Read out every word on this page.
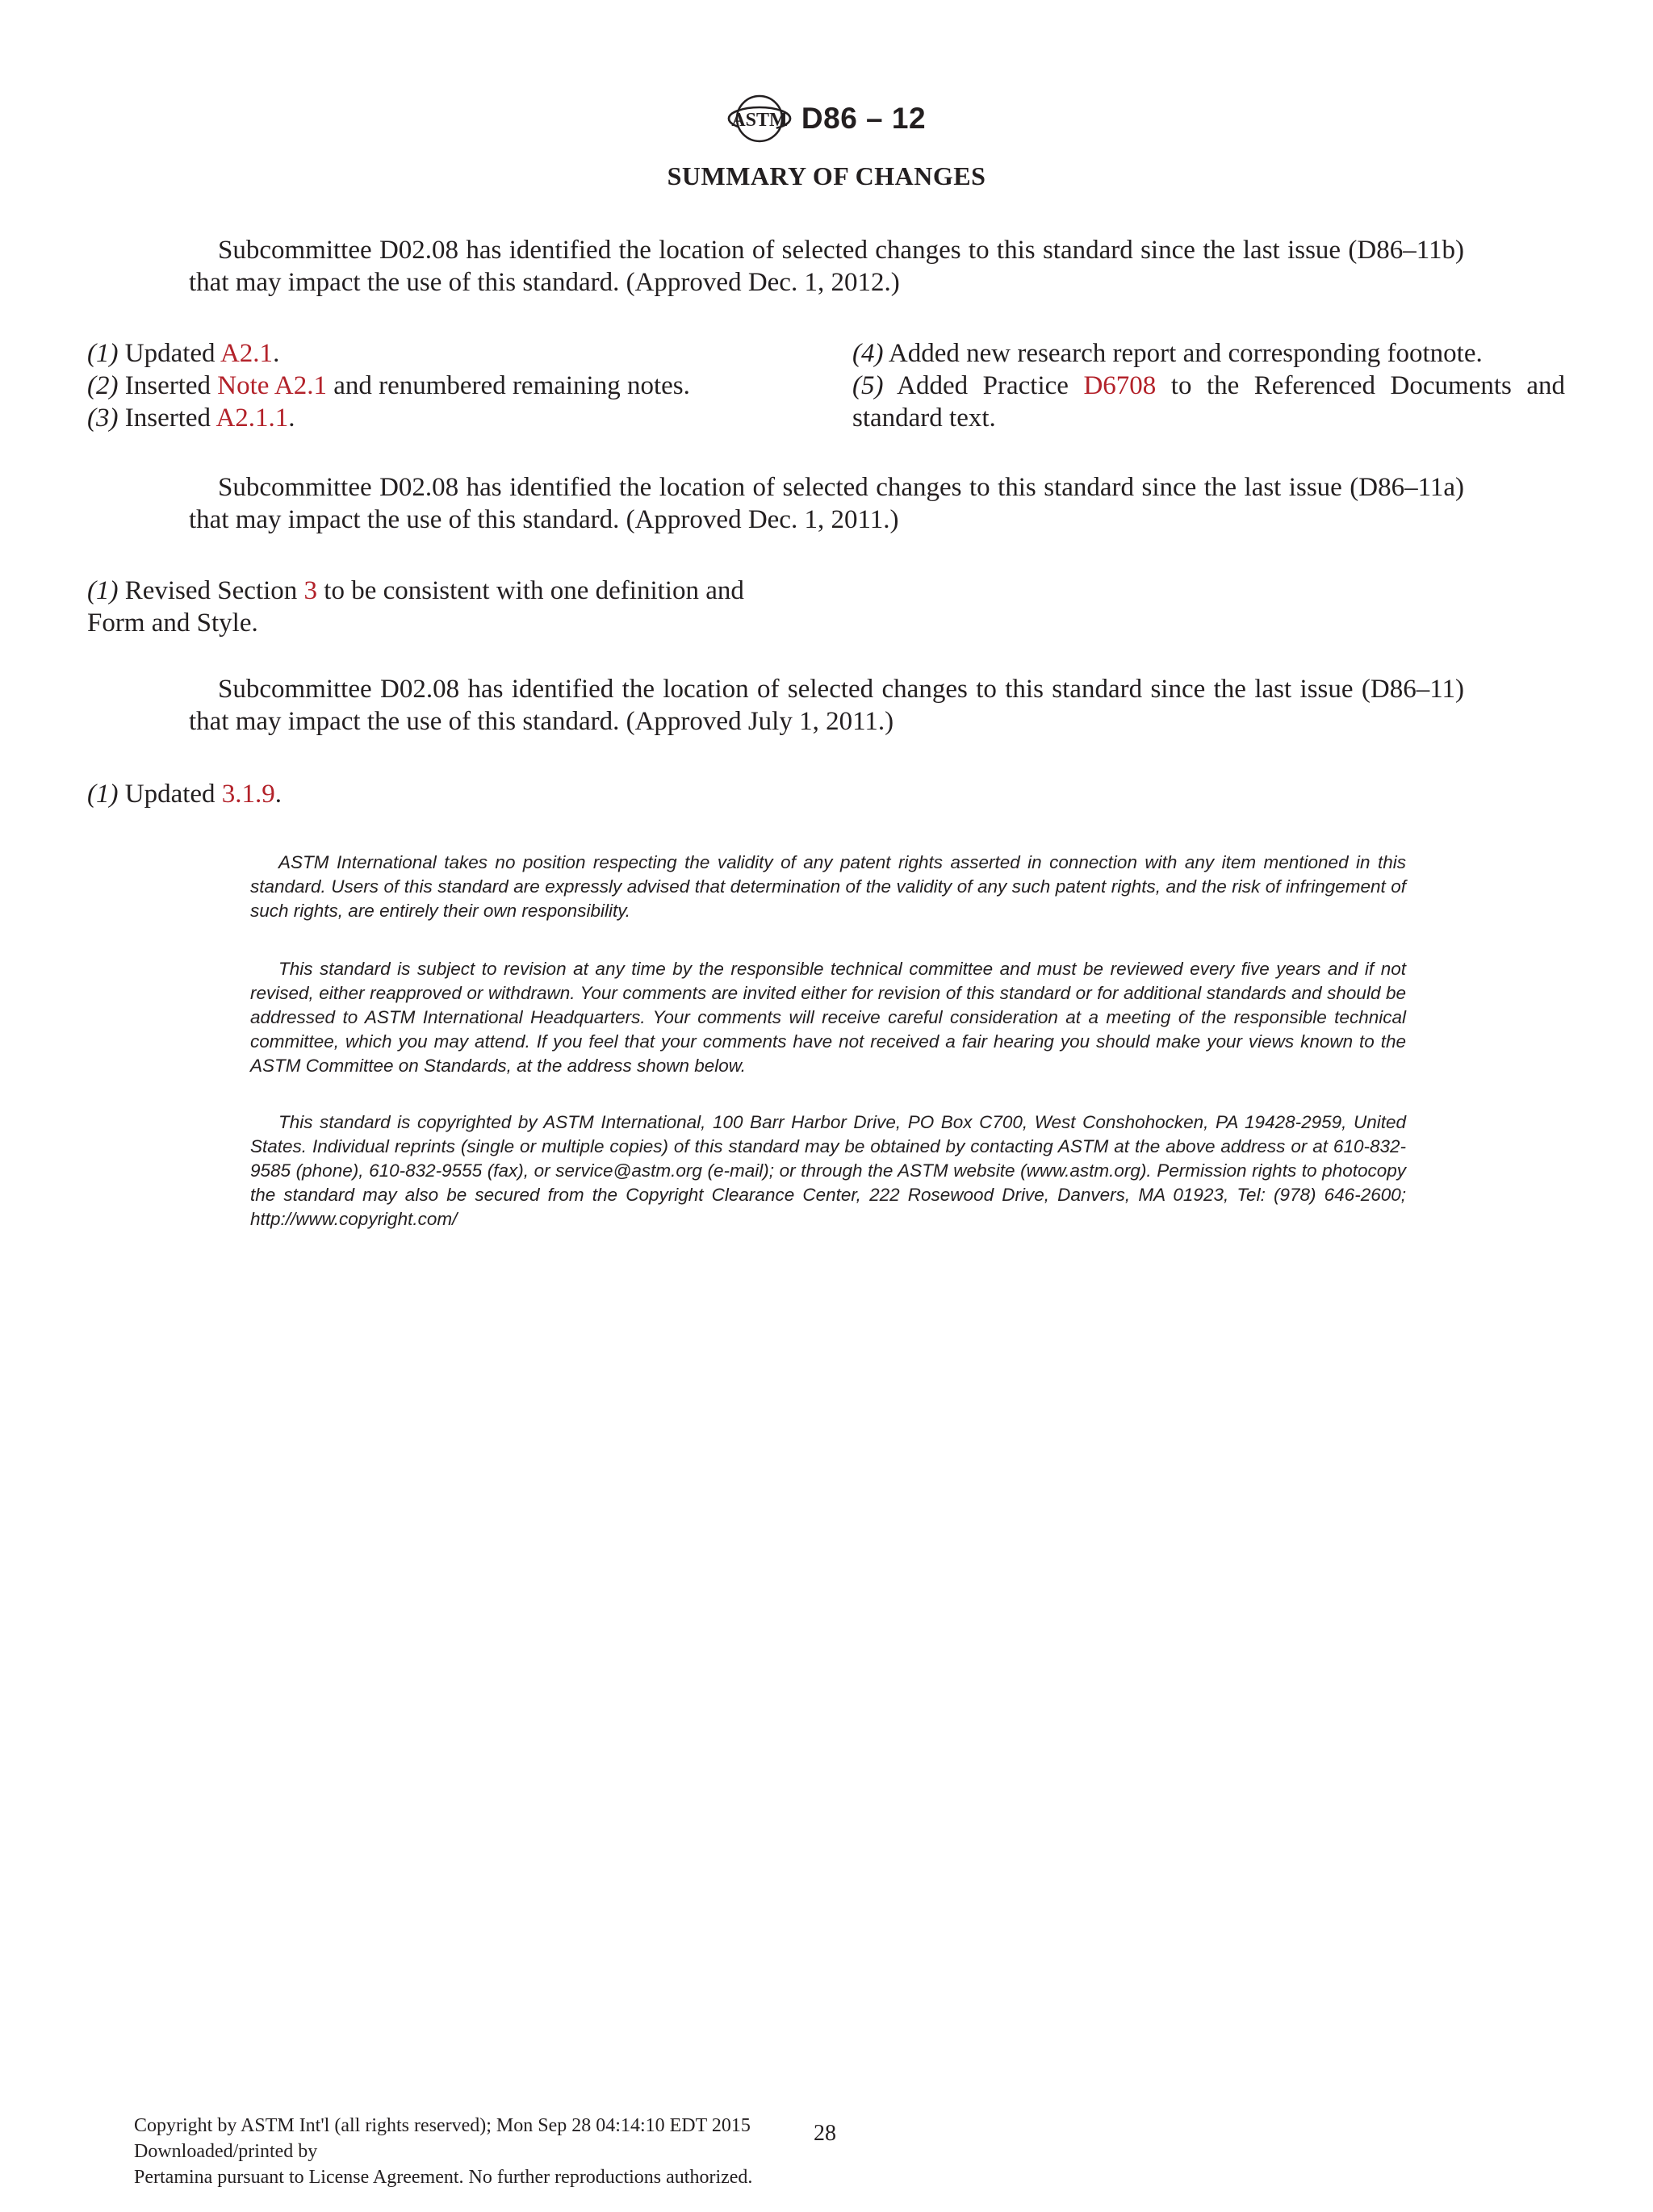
ASTM D86 – 12
SUMMARY OF CHANGES
Subcommittee D02.08 has identified the location of selected changes to this standard since the last issue (D86–11b) that may impact the use of this standard. (Approved Dec. 1, 2012.)
(1) Updated A2.1.
(2) Inserted Note A2.1 and renumbered remaining notes.
(3) Inserted A2.1.1.
(4) Added new research report and corresponding footnote.
(5) Added Practice D6708 to the Referenced Documents and standard text.
Subcommittee D02.08 has identified the location of selected changes to this standard since the last issue (D86–11a) that may impact the use of this standard. (Approved Dec. 1, 2011.)
(1) Revised Section 3 to be consistent with one definition and Form and Style.
Subcommittee D02.08 has identified the location of selected changes to this standard since the last issue (D86–11) that may impact the use of this standard. (Approved July 1, 2011.)
(1) Updated 3.1.9.
ASTM International takes no position respecting the validity of any patent rights asserted in connection with any item mentioned in this standard. Users of this standard are expressly advised that determination of the validity of any such patent rights, and the risk of infringement of such rights, are entirely their own responsibility.
This standard is subject to revision at any time by the responsible technical committee and must be reviewed every five years and if not revised, either reapproved or withdrawn. Your comments are invited either for revision of this standard or for additional standards and should be addressed to ASTM International Headquarters. Your comments will receive careful consideration at a meeting of the responsible technical committee, which you may attend. If you feel that your comments have not received a fair hearing you should make your views known to the ASTM Committee on Standards, at the address shown below.
This standard is copyrighted by ASTM International, 100 Barr Harbor Drive, PO Box C700, West Conshohocken, PA 19428-2959, United States. Individual reprints (single or multiple copies) of this standard may be obtained by contacting ASTM at the above address or at 610-832-9585 (phone), 610-832-9555 (fax), or service@astm.org (e-mail); or through the ASTM website (www.astm.org). Permission rights to photocopy the standard may also be secured from the Copyright Clearance Center, 222 Rosewood Drive, Danvers, MA 01923, Tel: (978) 646-2600; http://www.copyright.com/
Copyright by ASTM Int'l (all rights reserved); Mon Sep 28 04:14:10 EDT 2015
Downloaded/printed by
Pertamina pursuant to License Agreement. No further reproductions authorized.
28
